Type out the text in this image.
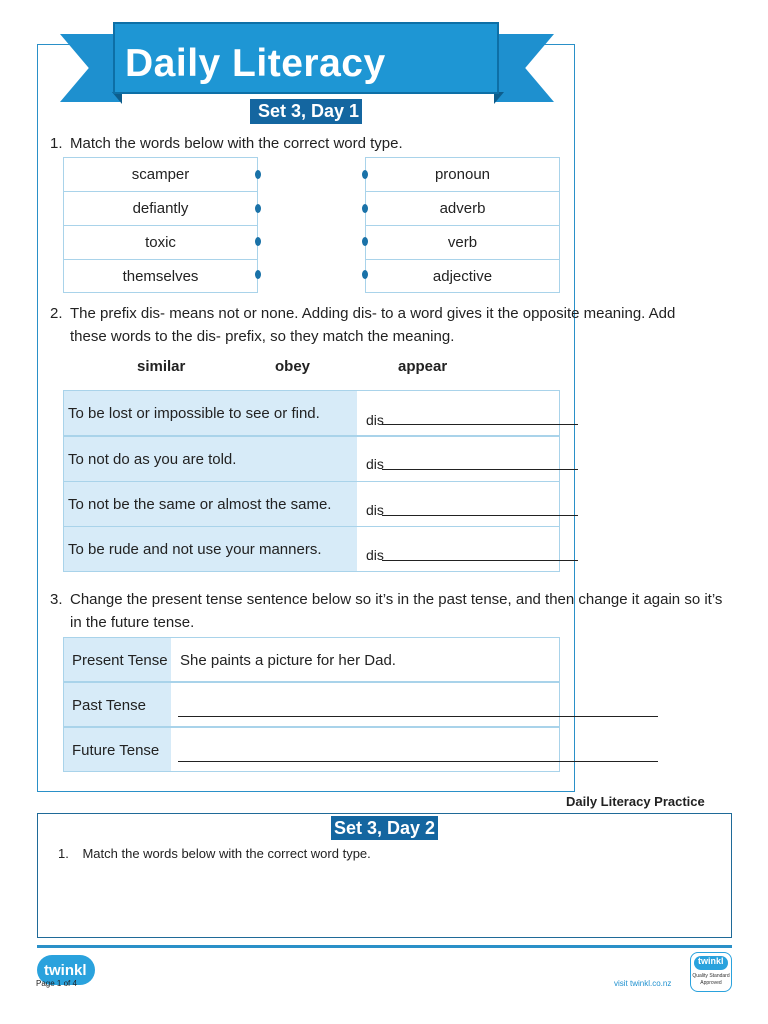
Daily Literacy
Set 3, Day 1
1. Match the words below with the correct word type.
scamper
defiantly
toxic
themselves
pronoun
adverb
verb
adjective
2. The prefix dis- means not or none. Adding dis- to a word gives it the opposite meaning. Add these words to the dis- prefix, so they match the meaning.
similar	obey	appear
To be lost or impossible to see or find.	dis
To not do as you are told.	dis
To not be the same or almost the same.	dis
To be rude and not use your manners.	dis
3. Change the present tense sentence below so it’s in the past tense, and then change it again so it’s in the future tense.
Present Tense She paints a picture for her Dad.
Past Tense
Future Tense
Daily Literacy Practice
Set 3, Day 2
1. Match the words below with the correct word type.
twinkl
Page 1 of 4	visit twinkl.co.nz
twinkl
Quality Standard
Approved
